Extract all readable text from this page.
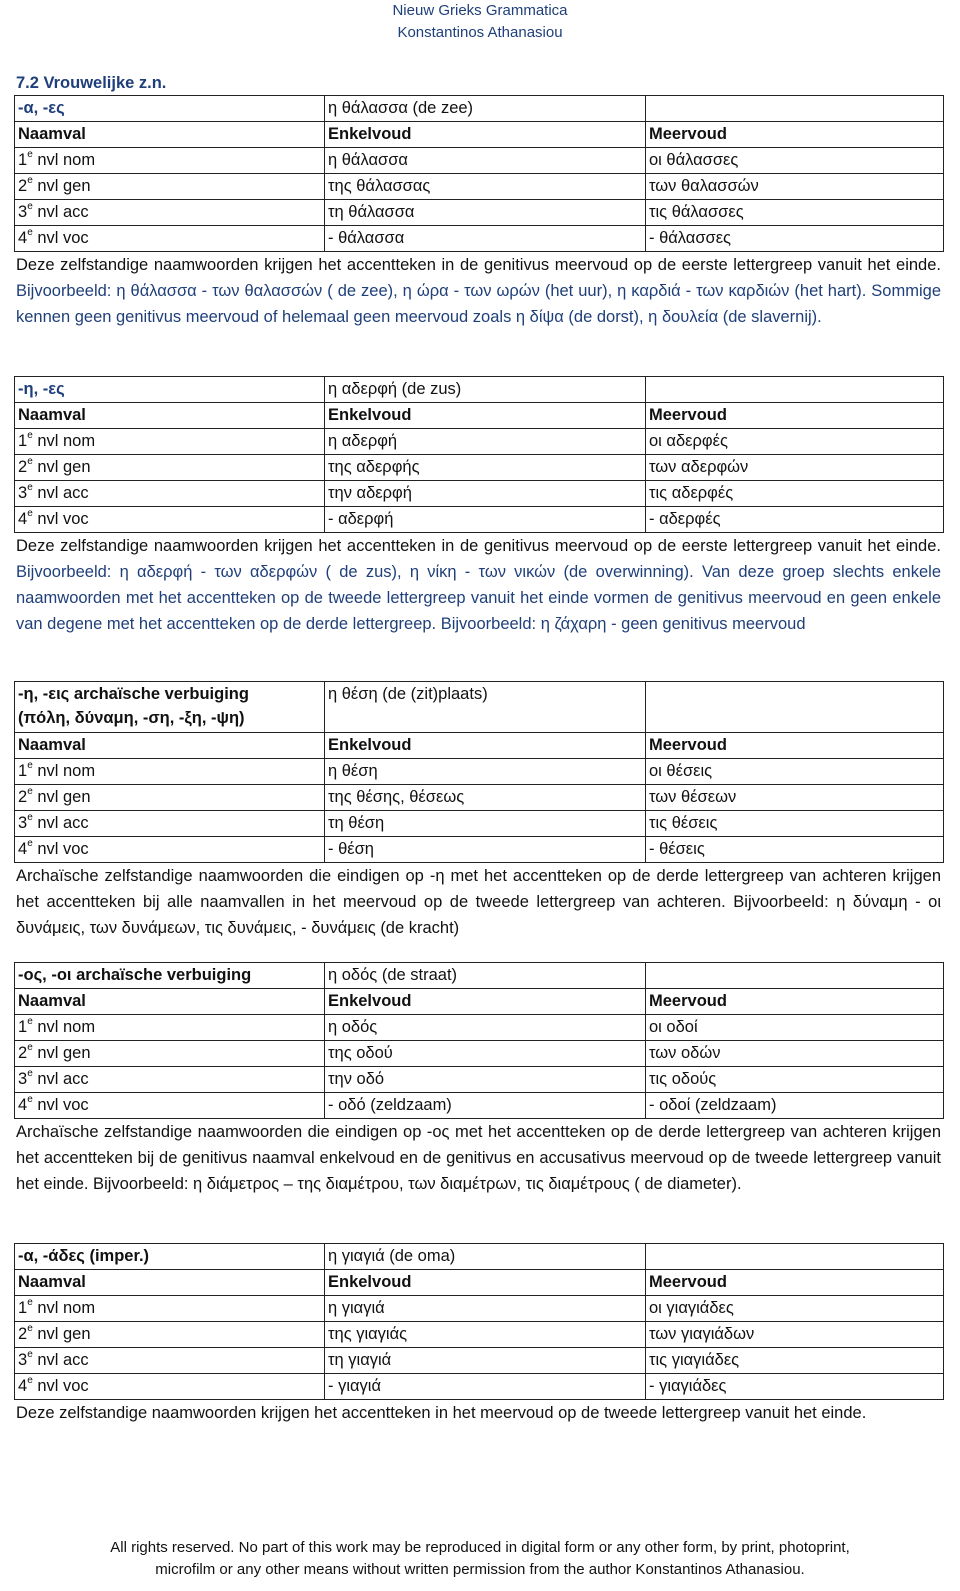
Nieuw Grieks Grammatica
Konstantinos Athanasiou
7.2 Vrouwelijke z.n.
-α, -ες	η θάλασσα (de zee)	
Naamval	Enkelvoud	Meervoud
1e nvl nom	η θάλασσα	οι θάλασσες
2e nvl gen	της θάλασσας	των θαλασσών
3e nvl acc	τη θάλασσα	τις θάλασσες
4e nvl voc	- θάλασσα	- θάλασσες

Deze zelfstandige naamwoorden krijgen het accentteken in de genitivus meervoud op de eerste lettergreep vanuit het einde. Bijvoorbeeld: η θάλασσα - των θαλασσών ( de zee), η ώρα - των ωρών (het uur), η καρδιά - των καρδιών (het hart). Sommige kennen geen genitivus meervoud of helemaal geen meervoud zoals η δίψα (de dorst), η δουλεία (de slavernij).

-η, -ες	η αδερφή (de zus)	
Naamval	Enkelvoud	Meervoud
1e nvl nom	η αδερφή	οι αδερφές
2e nvl gen	της αδερφής	των αδερφών
3e nvl acc	την αδερφή	τις αδερφές
4e nvl voc	- αδερφή	- αδερφές

Deze zelfstandige naamwoorden krijgen het accentteken in de genitivus meervoud op de eerste lettergreep vanuit het einde. Bijvoorbeeld: η αδερφή - των αδερφών ( de zus), η νίκη - των νικών (de overwinning). Van deze groep slechts enkele naamwoorden met het accentteken op de tweede lettergreep vanuit het einde vormen de genitivus meervoud en geen enkele van degene met het accentteken op de derde lettergreep. Bijvoorbeeld: η ζάχαρη - geen genitivus meervoud

-η, -εις archaïsche verbuiging
(πόλη, δύναμη, -ση, -ξη, -ψη)	η θέση (de (zit)plaats)	
Naamval	Enkelvoud	Meervoud
1e nvl nom	η θέση	οι θέσεις
2e nvl gen	της θέσης, θέσεως	των θέσεων
3e nvl acc	τη θέση	τις θέσεις
4e nvl voc	- θέση	- θέσεις

Archaïsche zelfstandige naamwoorden die eindigen op -η met het accentteken op de derde lettergreep van achteren krijgen het accentteken bij alle naamvallen in het meervoud op de tweede lettergreep van achteren. Bijvoorbeeld: η δύναμη - οι δυνάμεις, των δυνάμεων, τις δυνάμεις, - δυνάμεις (de kracht)

-ος, -οι archaïsche verbuiging	η οδός (de straat)	
Naamval	Enkelvoud	Meervoud
1e nvl nom	η οδός	οι οδοί
2e nvl gen	της οδού	των οδών
3e nvl acc	την οδό	τις οδούς
4e nvl voc	- οδό (zeldzaam)	- οδοί (zeldzaam)

Archaïsche zelfstandige naamwoorden die eindigen op -ος met het accentteken op de derde lettergreep van achteren krijgen het accentteken bij de genitivus naamval enkelvoud en de genitivus en accusativus meervoud op de tweede lettergreep vanuit het einde. Bijvoorbeeld: η διάμετρος – της διαμέτρου, των διαμέτρων, τις διαμέτρους ( de diameter).

-α, -άδες (imper.)	η γιαγιά (de oma)	
Naamval	Enkelvoud	Meervoud
1e nvl nom	η γιαγιά	οι γιαγιάδες
2e nvl gen	της γιαγιάς	των γιαγιάδων
3e nvl acc	τη γιαγιά	τις γιαγιάδες
4e nvl voc	- γιαγιά	- γιαγιάδες

Deze zelfstandige naamwoorden krijgen het accentteken in het meervoud op de tweede lettergreep vanuit het einde.

All rights reserved. No part of this work may be reproduced in digital form or any other form, by print, photoprint,
microfilm or any other means without written permission from the author Konstantinos Athanasiou.
